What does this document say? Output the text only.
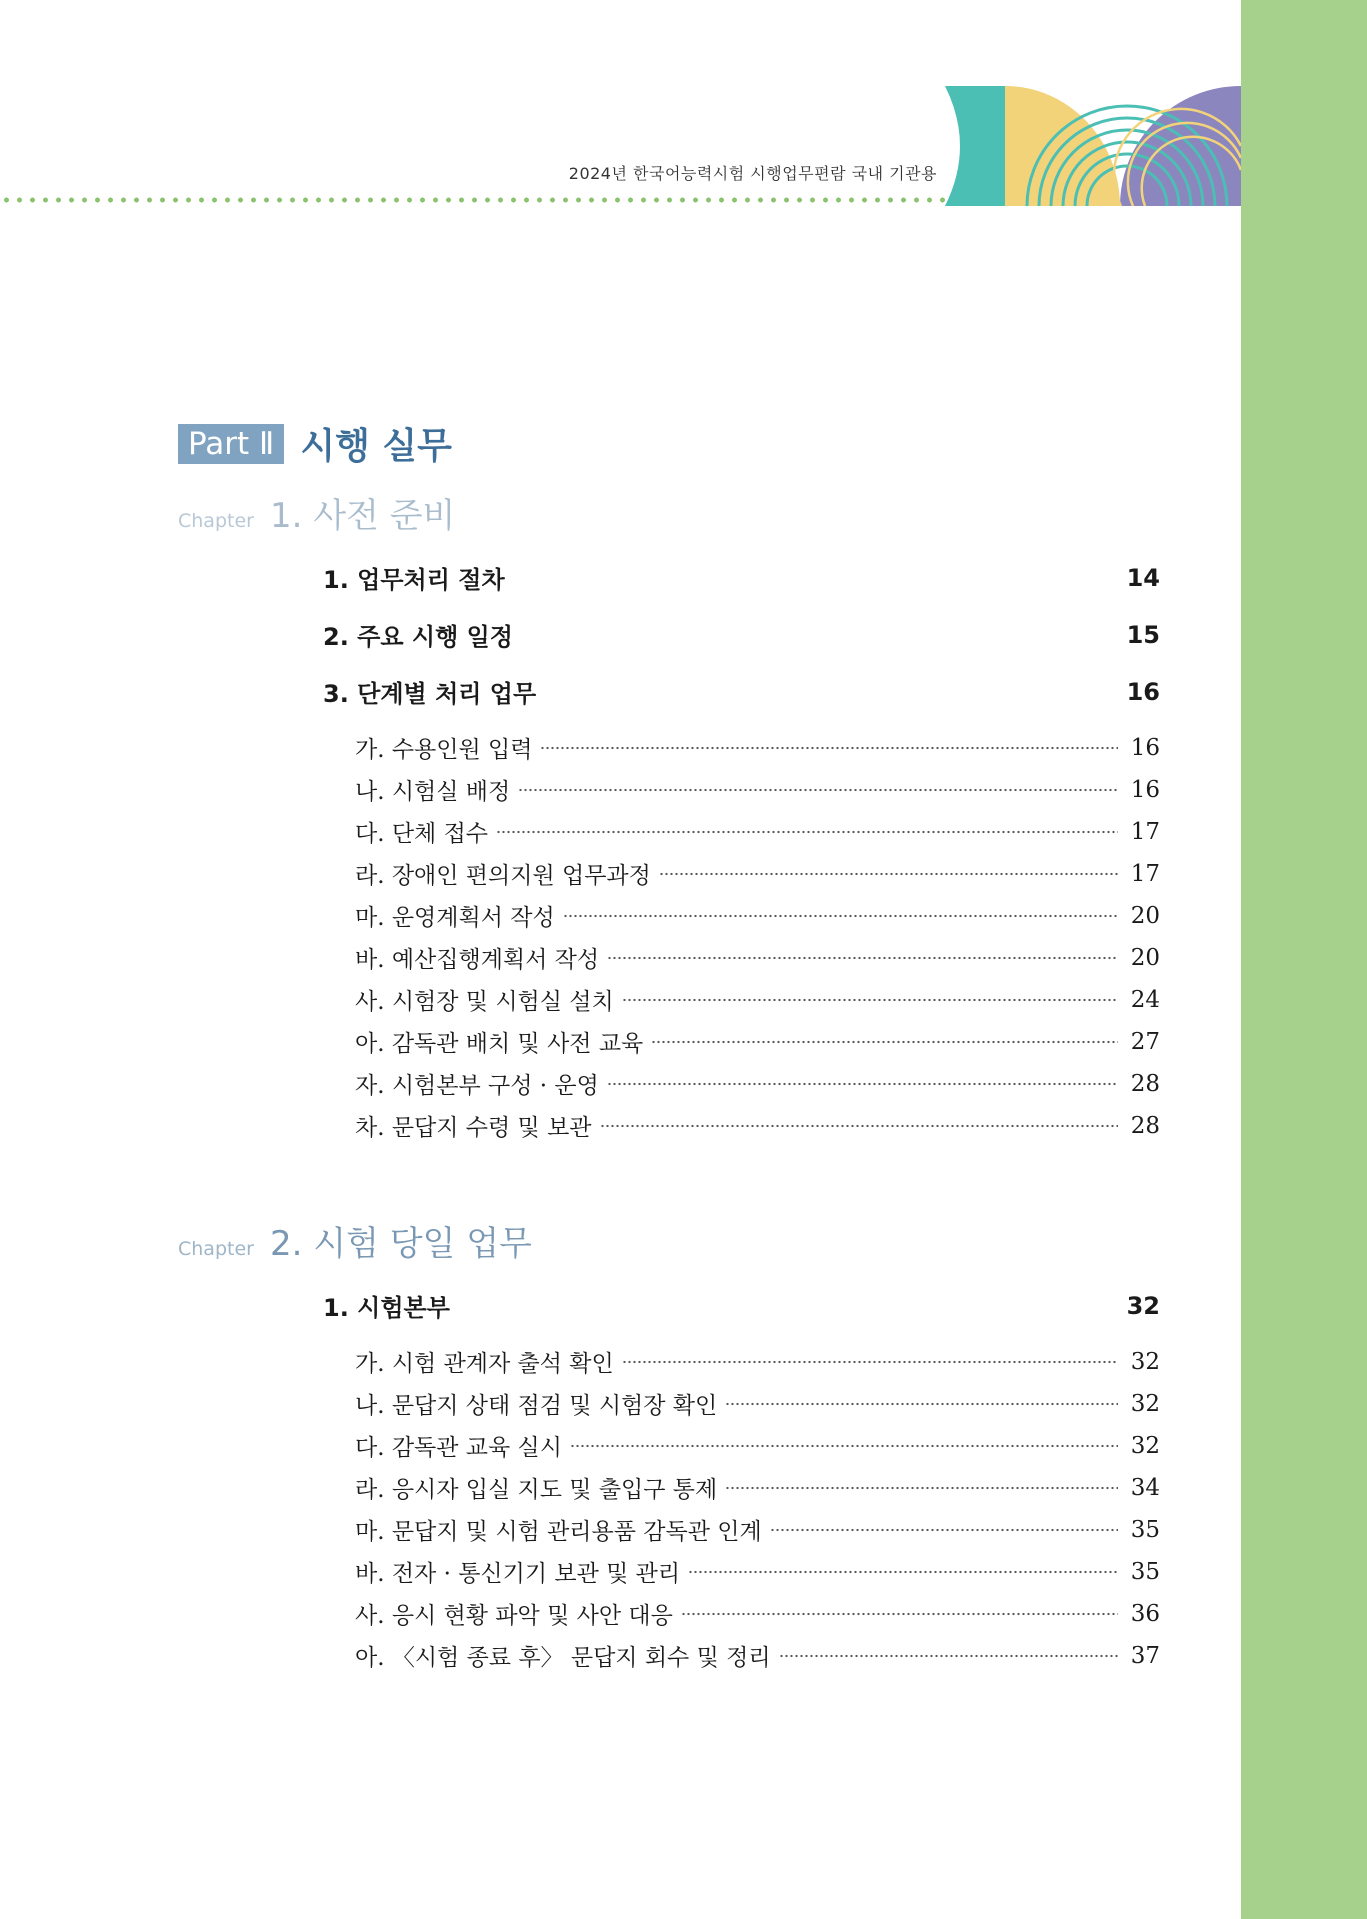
2024년 한국어능력시험 시행업무편람 국내 기관용
Part Ⅱ 시행 실무
Chapter 1. 사전 준비
Chapter 2. 시험 당일 업무
1. 업무처리 절차	14
2. 주요 시행 일정	15
3. 단계별 처리 업무	16
가. 수용인원 입력	16
나. 시험실 배정	16
다. 단체 접수	17
라. 장애인 편의지원 업무과정	17
마. 운영계획서 작성	20
바. 예산집행계획서 작성	20
사. 시험장 및 시험실 설치	24
아. 감독관 배치 및 사전 교육	27
자. 시험본부 구성 · 운영	28
차. 문답지 수령 및 보관	28
1. 시험본부	32
가. 시험 관계자 출석 확인	32
나. 문답지 상태 점검 및 시험장 확인	32
다. 감독관 교육 실시	32
라. 응시자 입실 지도 및 출입구 통제	34
마. 문답지 및 시험 관리용품 감독관 인계	35
바. 전자 · 통신기기 보관 및 관리	35
사. 응시 현황 파악 및 사안 대응	36
아. 〈시험 종료 후〉 문답지 회수 및 정리	37
